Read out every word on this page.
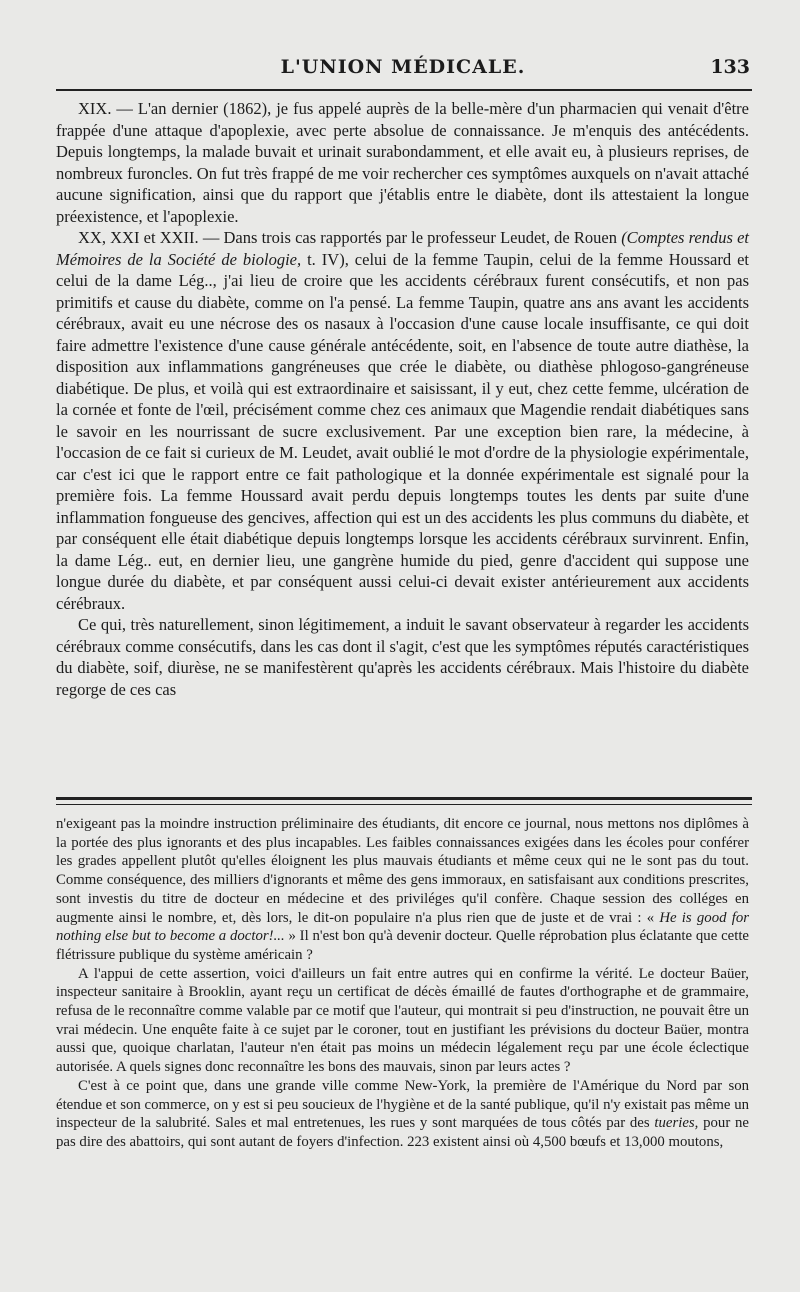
L'UNION MÉDICALE.	133

XIX. — L'an dernier (1862), je fus appelé auprès de la belle-mère d'un pharmacien qui venait d'être frappée d'une attaque d'apoplexie, avec perte absolue de connaissance. Je m'enquis des antécédents. Depuis longtemps, la malade buvait et urinait surabondamment, et elle avait eu, à plusieurs reprises, de nombreux furoncles. On fut très frappé de me voir rechercher ces symptômes auxquels on n'avait attaché aucune signification, ainsi que du rapport que j'établis entre le diabète, dont ils attestaient la longue préexistence, et l'apoplexie.

XX, XXI et XXII. — Dans trois cas rapportés par le professeur Leudet, de Rouen (Comptes rendus et Mémoires de la Société de biologie, t. IV), celui de la femme Taupin, celui de la femme Houssard et celui de la dame Lég.., j'ai lieu de croire que les accidents cérébraux furent consécutifs, et non pas primitifs et cause du diabète, comme on l'a pensé. La femme Taupin, quatre ans ans avant les accidents cérébraux, avait eu une nécrose des os nasaux à l'occasion d'une cause locale insuffisante, ce qui doit faire admettre l'existence d'une cause générale antécédente, soit, en l'absence de toute autre diathèse, la disposition aux inflammations gangréneuses que crée le diabète, ou diathèse phlogoso-gangréneuse diabétique. De plus, et voilà qui est extraordinaire et saisissant, il y eut, chez cette femme, ulcération de la cornée et fonte de l'œil, précisément comme chez ces animaux que Magendie rendait diabétiques sans le savoir en les nourrissant de sucre exclusivement. Par une exception bien rare, la médecine, à l'occasion de ce fait si curieux de M. Leudet, avait oublié le mot d'ordre de la physiologie expérimentale, car c'est ici que le rapport entre ce fait pathologique et la donnée expérimentale est signalé pour la première fois. La femme Houssard avait perdu depuis longtemps toutes les dents par suite d'une inflammation fongueuse des gencives, affection qui est un des accidents les plus communs du diabète, et par conséquent elle était diabétique depuis longtemps lorsque les accidents cérébraux survinrent. Enfin, la dame Lég.. eut, en dernier lieu, une gangrène humide du pied, genre d'accident qui suppose une longue durée du diabète, et par conséquent aussi celui-ci devait exister antérieurement aux accidents cérébraux.

Ce qui, très naturellement, sinon légitimement, a induit le savant observateur à regarder les accidents cérébraux comme consécutifs, dans les cas dont il s'agit, c'est que les symptômes réputés caractéristiques du diabète, soif, diurèse, ne se manifestèrent qu'après les accidents cérébraux. Mais l'histoire du diabète regorge de ces cas

n'exigeant pas la moindre instruction préliminaire des étudiants, dit encore ce journal, nous mettons nos diplômes à la portée des plus ignorants et des plus incapables. Les faibles connaissances exigées dans les écoles pour conférer les grades appellent plutôt qu'elles éloignent les plus mauvais étudiants et même ceux qui ne le sont pas du tout. Comme conséquence, des milliers d'ignorants et même des gens immoraux, en satisfaisant aux conditions prescrites, sont investis du titre de docteur en médecine et des priviléges qu'il confère. Chaque session des colléges en augmente ainsi le nombre, et, dès lors, le dit-on populaire n'a plus rien que de juste et de vrai : « He is good for nothing else but to become a doctor!... » Il n'est bon qu'à devenir docteur. Quelle réprobation plus éclatante que cette flétrissure publique du système américain ?

A l'appui de cette assertion, voici d'ailleurs un fait entre autres qui en confirme la vérité. Le docteur Baüer, inspecteur sanitaire à Brooklin, ayant reçu un certificat de décès émaillé de fautes d'orthographe et de grammaire, refusa de le reconnaître comme valable par ce motif que l'auteur, qui montrait si peu d'instruction, ne pouvait être un vrai médecin. Une enquête faite à ce sujet par le coroner, tout en justifiant les prévisions du docteur Baüer, montra aussi que, quoique charlatan, l'auteur n'en était pas moins un médecin légalement reçu par une école éclectique autorisée. A quels signes donc reconnaître les bons des mauvais, sinon par leurs actes ?

C'est à ce point que, dans une grande ville comme New-York, la première de l'Amérique du Nord par son étendue et son commerce, on y est si peu soucieux de l'hygiène et de la santé publique, qu'il n'y existait pas même un inspecteur de la salubrité. Sales et mal entretenues, les rues y sont marquées de tous côtés par des tueries, pour ne pas dire des abattoirs, qui sont autant de foyers d'infection. 223 existent ainsi où 4,500 bœufs et 13,000 moutons,
